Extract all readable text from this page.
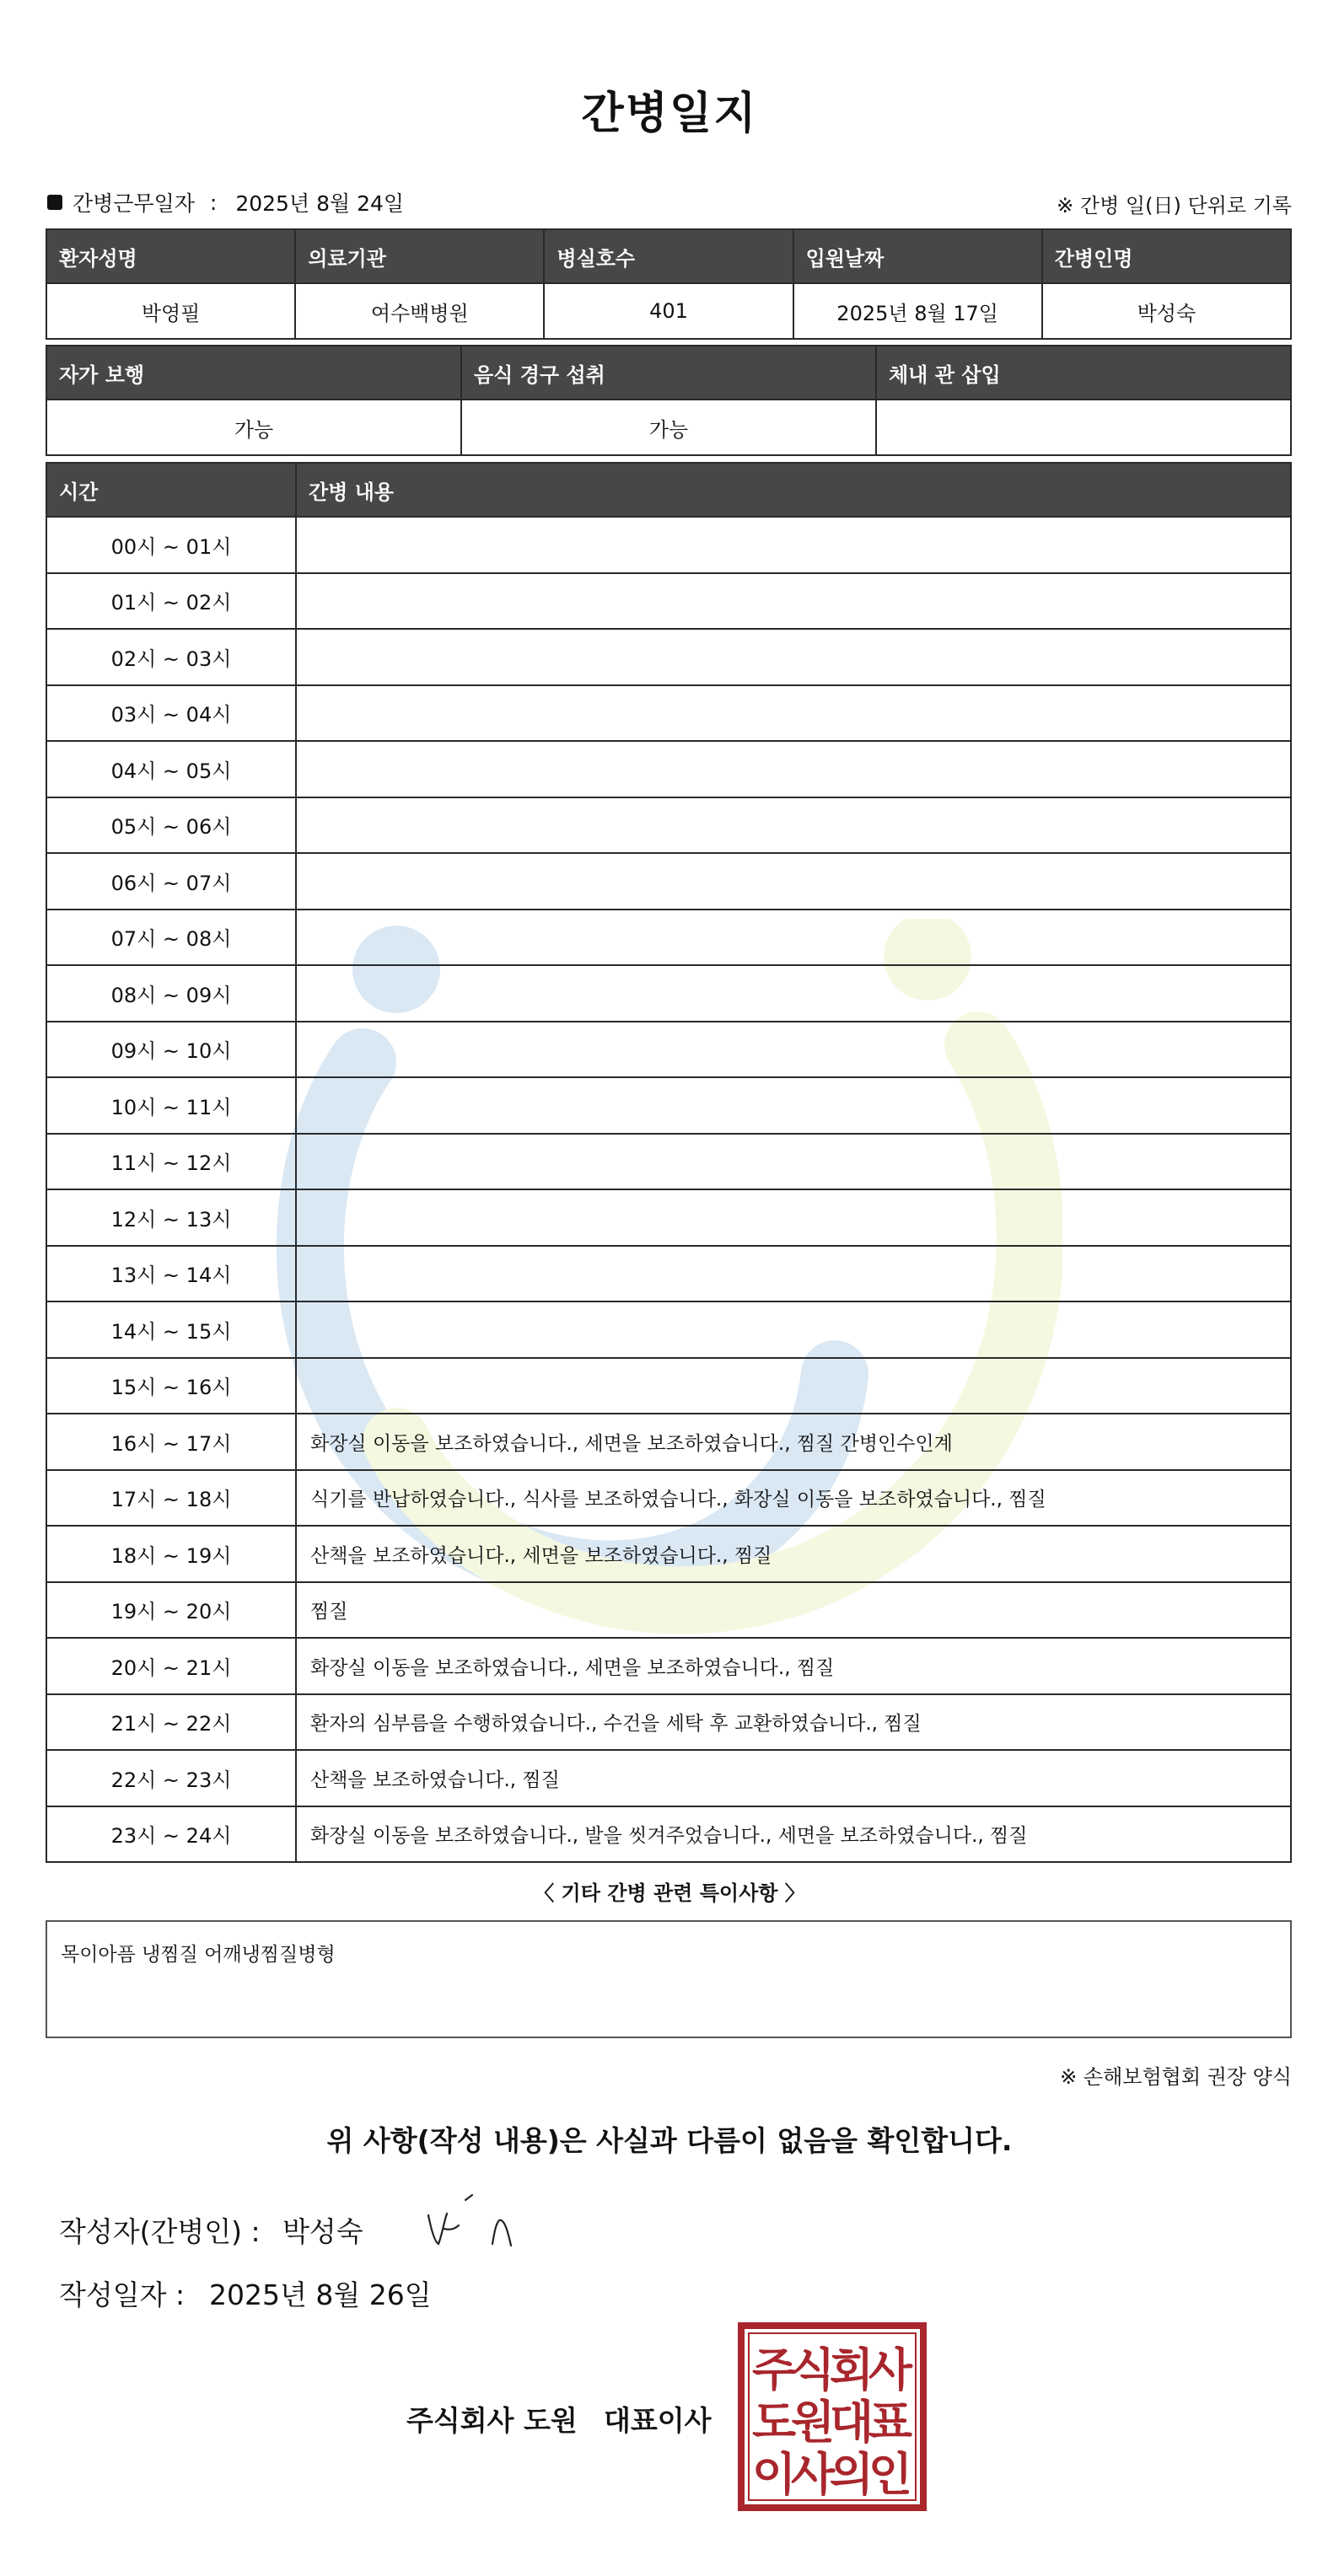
간병일지
간병근무일자 : 2025년 8월 24일	※ 간병 일(日) 단위로 기록
환자성명	의료기관	병실호수	입원날짜	간병인명
박영필	여수백병원	401	2025년 8월 17일	박성숙
자가 보행	음식 경구 섭취	체내 관 삽입
가능	가능	
시간	간병 내용
00시 ~ 01시	
01시 ~ 02시	
02시 ~ 03시	
03시 ~ 04시	
04시 ~ 05시	
05시 ~ 06시	
06시 ~ 07시	
07시 ~ 08시	
08시 ~ 09시	
09시 ~ 10시	
10시 ~ 11시	
11시 ~ 12시	
12시 ~ 13시	
13시 ~ 14시	
14시 ~ 15시	
15시 ~ 16시	
16시 ~ 17시	화장실 이동을 보조하였습니다., 세면을 보조하였습니다., 찜질 간병인수인계
17시 ~ 18시	식기를 반납하였습니다., 식사를 보조하였습니다., 화장실 이동을 보조하였습니다., 찜질
18시 ~ 19시	산책을 보조하였습니다., 세면을 보조하였습니다., 찜질
19시 ~ 20시	찜질
20시 ~ 21시	화장실 이동을 보조하였습니다., 세면을 보조하였습니다., 찜질
21시 ~ 22시	환자의 심부름을 수행하였습니다., 수건을 세탁 후 교환하였습니다., 찜질
22시 ~ 23시	산책을 보조하였습니다., 찜질
23시 ~ 24시	화장실 이동을 보조하였습니다., 발을 씻겨주었습니다., 세면을 보조하였습니다., 찜질
〈 기타 간병 관련 특이사항 〉
목이아픔 냉찜질 어깨냉찜질병형
※ 손해보험협회 권장 양식
위 사항(작성 내용)은 사실과 다름이 없음을 확인합니다.
작성자(간병인) : 박성숙
작성일자 : 2025년 8월 26일
주식회사 도원 대표이사
주식회사
도원대표
이사의인
